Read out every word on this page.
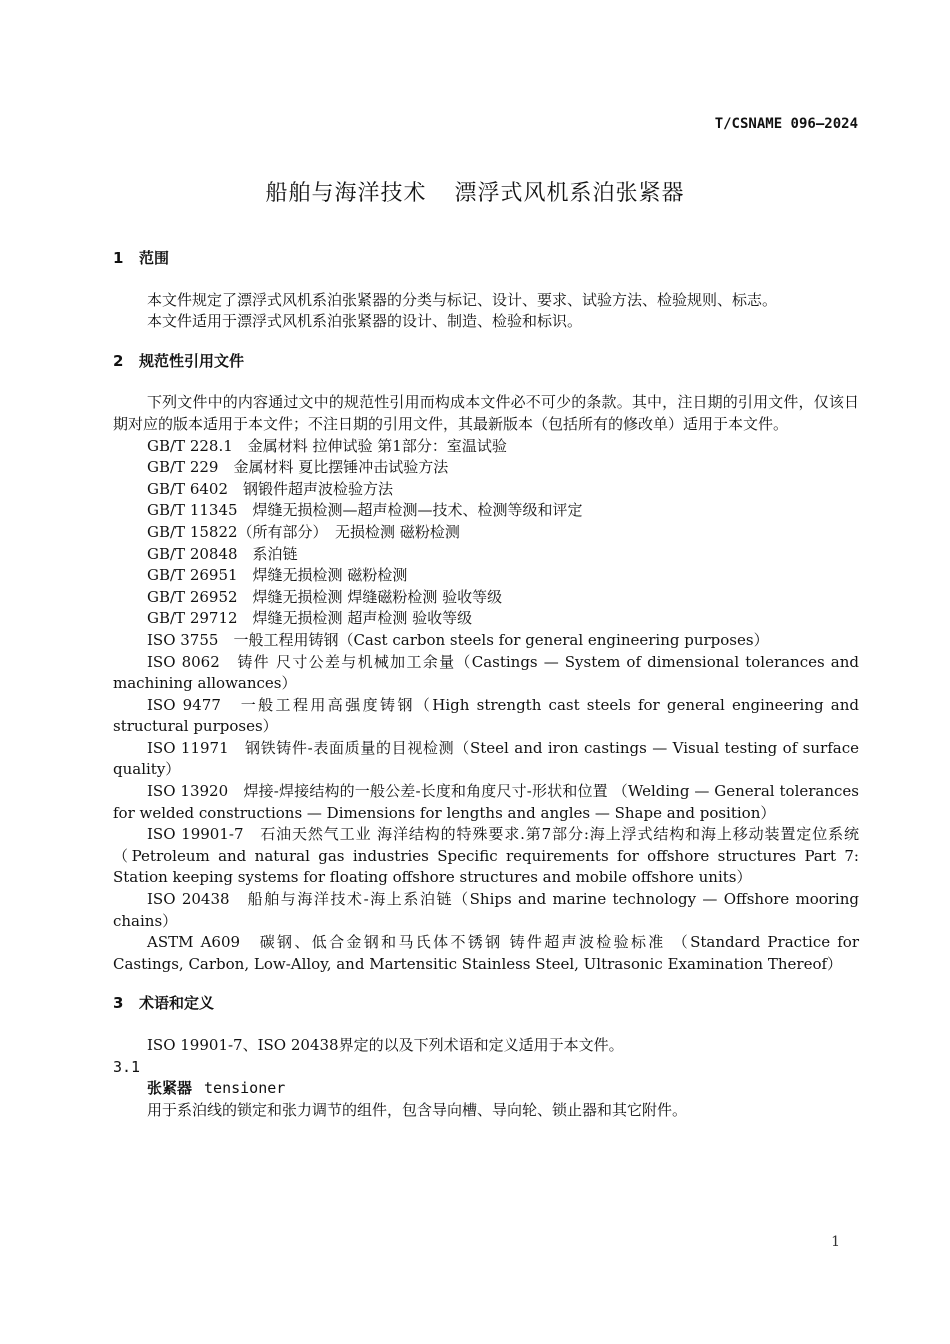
T/CSNAME 096—2024
船舶与海洋技术 漂浮式风机系泊张紧器

1 范围

本文件规定了漂浮式风机系泊张紧器的分类与标记、设计、要求、试验方法、检验规则、标志。

本文件适用于漂浮式风机系泊张紧器的设计、制造、检验和标识。

2 规范性引用文件

下列文件中的内容通过文中的规范性引用而构成本文件必不可少的条款。其中，注日期的引用文件，仅该日期对应的版本适用于本文件；不注日期的引用文件，其最新版本（包括所有的修改单）适用于本文件。

GB/T 228.1　金属材料 拉伸试验 第1部分：室温试验

GB/T 229　金属材料 夏比摆锤冲击试验方法

GB/T 6402　钢锻件超声波检验方法

GB/T 11345　焊缝无损检测—超声检测—技术、检测等级和评定

GB/T 15822（所有部分）　无损检测 磁粉检测

GB/T 20848　系泊链

GB/T 26951　焊缝无损检测 磁粉检测

GB/T 26952　焊缝无损检测 焊缝磁粉检测 验收等级

GB/T 29712　焊缝无损检测 超声检测 验收等级

ISO 3755　一般工程用铸钢（Cast carbon steels for general engineering purposes）

ISO 8062　铸件 尺寸公差与机械加工余量（Castings — System of dimensional tolerances and machining allowances）

ISO 9477　一般工程用高强度铸钢（High strength cast steels for general engineering and structural purposes）

ISO 11971　钢铁铸件-表面质量的目视检测（Steel and iron castings — Visual testing of surface quality）

ISO 13920　焊接-焊接结构的一般公差-长度和角度尺寸-形状和位置 （Welding — General tolerances for welded constructions — Dimensions for lengths and angles — Shape and position）

ISO 19901-7　石油天然气工业 海洋结构的特殊要求.第7部分:海上浮式结构和海上移动装置定位系统 （Petroleum and natural gas industries Specific requirements for offshore structures Part 7: Station keeping systems for floating offshore structures and mobile offshore units）

ISO 20438　船舶与海洋技术-海上系泊链（Ships and marine technology — Offshore mooring chains）

ASTM A609　碳钢、低合金钢和马氏体不锈钢 铸件超声波检验标准 （Standard Practice for Castings, Carbon, Low-Alloy, and Martensitic Stainless Steel, Ultrasonic Examination Thereof）

3 术语和定义

ISO 19901-7、ISO 20438界定的以及下列术语和定义适用于本文件。

3.1

张紧器 tensioner

用于系泊线的锁定和张力调节的组件，包含导向槽、导向轮、锁止器和其它附件。

1
